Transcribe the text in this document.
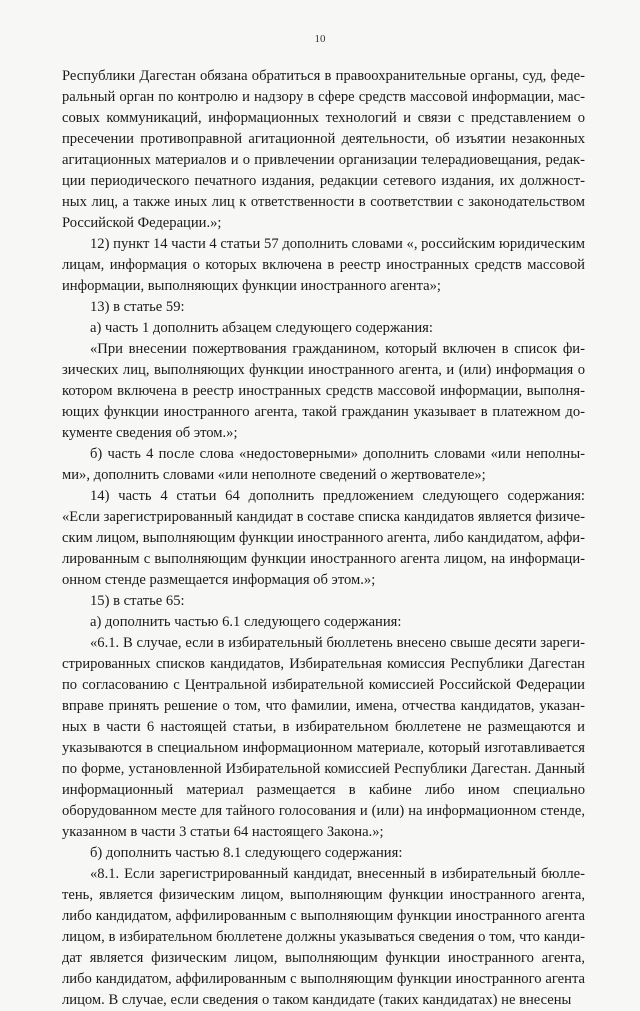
10

Республики Дагестан обязана обратиться в правоохранительные органы, суд, федеральный орган по контролю и надзору в сфере средств массовой информации, массовых коммуникаций, информационных технологий и связи с представлением о пресечении противоправной агитационной деятельности, об изъятии незаконных агитационных материалов и о привлечении организации телерадиовещания, редакции периодического печатного издания, редакции сетевого издания, их должностных лиц, а также иных лиц к ответственности в соответствии с законодательством Российской Федерации.»;

12) пункт 14 части 4 статьи 57 дополнить словами «, российским юридическим лицам, информация о которых включена в реестр иностранных средств массовой информации, выполняющих функции иностранного агента»;

13) в статье 59:

а) часть 1 дополнить абзацем следующего содержания:

«При внесении пожертвования гражданином, который включен в список физических лиц, выполняющих функции иностранного агента, и (или) информация о котором включена в реестр иностранных средств массовой информации, выполняющих функции иностранного агента, такой гражданин указывает в платежном документе сведения об этом.»;

б) часть 4 после слова «недостоверными» дополнить словами «или неполными», дополнить словами «или неполноте сведений о жертвователе»;

14) часть 4 статьи 64 дополнить предложением следующего содержания: «Если зарегистрированный кандидат в составе списка кандидатов является физическим лицом, выполняющим функции иностранного агента, либо кандидатом, аффилированным с выполняющим функции иностранного агента лицом, на информационном стенде размещается информация об этом.»;

15) в статье 65:

а) дополнить частью 6.1 следующего содержания:

«6.1. В случае, если в избирательный бюллетень внесено свыше десяти зарегистрированных списков кандидатов, Избирательная комиссия Республики Дагестан по согласованию с Центральной избирательной комиссией Российской Федерации вправе принять решение о том, что фамилии, имена, отчества кандидатов, указанных в части 6 настоящей статьи, в избирательном бюллетене не размещаются и указываются в специальном информационном материале, который изготавливается по форме, установленной Избирательной комиссией Республики Дагестан. Данный информационный материал размещается в кабине либо ином специально оборудованном месте для тайного голосования и (или) на информационном стенде, указанном в части 3 статьи 64 настоящего Закона.»;

б) дополнить частью 8.1 следующего содержания:

«8.1. Если зарегистрированный кандидат, внесенный в избирательный бюллeтень, является физическим лицом, выполняющим функции иностранного агента, либо кандидатом, аффилированным с выполняющим функции иностранного агента лицом, в избирательном бюллетене должны указываться сведения о том, что кандидат является физическим лицом, выполняющим функции иностранного агента, либо кандидатом, аффилированным с выполняющим функции иностранного агента лицом. В случае, если сведения о таком кандидате (таких кандидатах) не внесены
